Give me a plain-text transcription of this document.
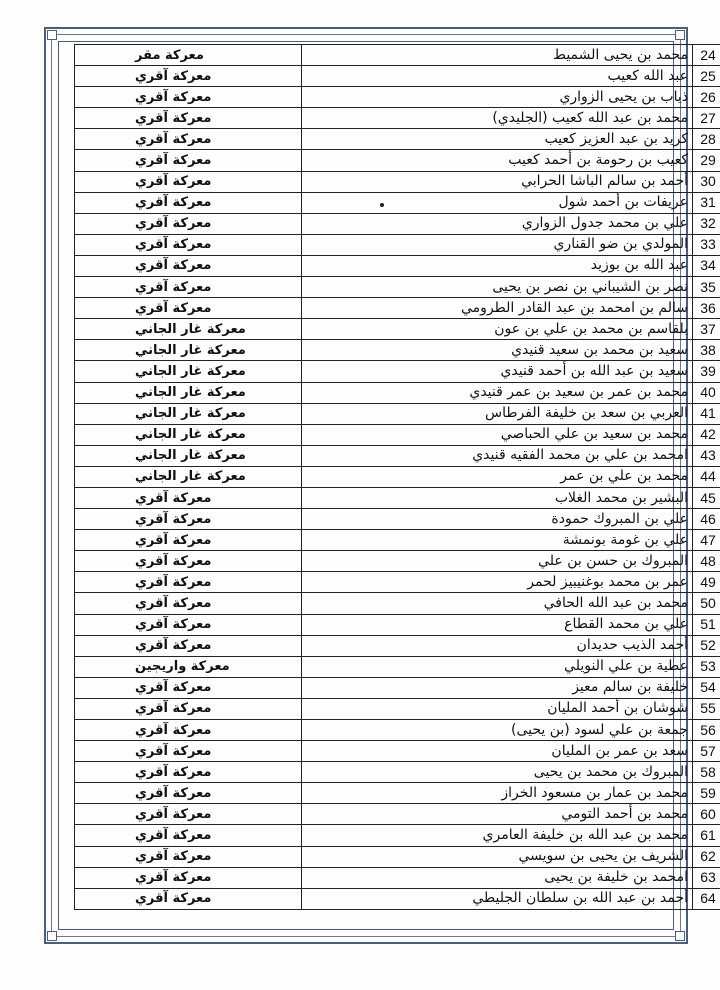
24	محمد بن يحيى الشميط	معركة مقر
25	عبد الله كعيب	معركة آقري
26	ذياب بن يحيى الزواري	معركة آقري
27	محمد بن عبد الله كعيب (الجليدي)	معركة آقري
28	كريد بن عبد العزيز كعيب	معركة آقري
29	كعيب بن رحومة بن أحمد كعيب	معركة آقري
30	أحمد بن سالم الباشا الحرابي	معركة آقري
31	عريفات بن أحمد شول	معركة آقري
32	علي بن محمد جدول الزواري	معركة آقري
33	المولدي بن ضو القناري	معركة آقري
34	عبد الله بن بوزيد	معركة آقري
35	نصر بن الشيباني بن نصر بن يحيى	معركة آقري
36	سالم بن امحمد بن عبد القادر الطرومي	معركة آقري
37	بلقاسم بن محمد بن علي بن عون	معركة غار الجاني
38	سعيد بن محمد بن سعيد قنيدي	معركة غار الجاني
39	سعيد بن عبد الله بن أحمد قنيدي	معركة غار الجاني
40	محمد بن عمر بن سعيد بن عمر قنيدي	معركة غار الجاني
41	العربي بن سعد بن خليفة الفرطاس	معركة غار الجاني
42	محمد بن سعيد بن علي الحباصي	معركة غار الجاني
43	امحمد بن علي بن محمد الفقيه قنيدي	معركة غار الجاني
44	محمد بن علي بن عمر	معركة غار الجاني
45	البشير بن محمد الغلاب	معركة آقري
46	علي بن المبروك حمودة	معركة آقري
47	علي بن غومة بونمشة	معركة آقري
48	المبروك بن حسن بن علي	معركة آقري
49	عمر بن محمد بوغنيبيز لحمر	معركة آقري
50	محمد بن عبد الله الحافي	معركة آقري
51	علي بن محمد القطاع	معركة آقري
52	أحمد الذيب حديدان	معركة آقري
53	عطية بن علي النويلي	معركة واريجين
54	خليفة بن سالم معيز	معركة آقري
55	شوشان بن أحمد المليان	معركة آقري
56	جمعة بن علي لسود (بن يحيى)	معركة آقري
57	سعد بن عمر بن المليان	معركة آقري
58	المبروك بن محمد بن يحيى	معركة آقري
59	محمد بن عمار بن مسعود الخراز	معركة آقري
60	محمد بن أحمد التومي	معركة آقري
61	محمد بن عبد الله بن خليفة العامري	معركة آقري
62	الشريف بن يحيى بن سويسي	معركة آقري
63	امحمد بن خليفة بن يحيى	معركة آقري
64	أحمد بن عبد الله بن سلطان الجليطي	معركة آقري
